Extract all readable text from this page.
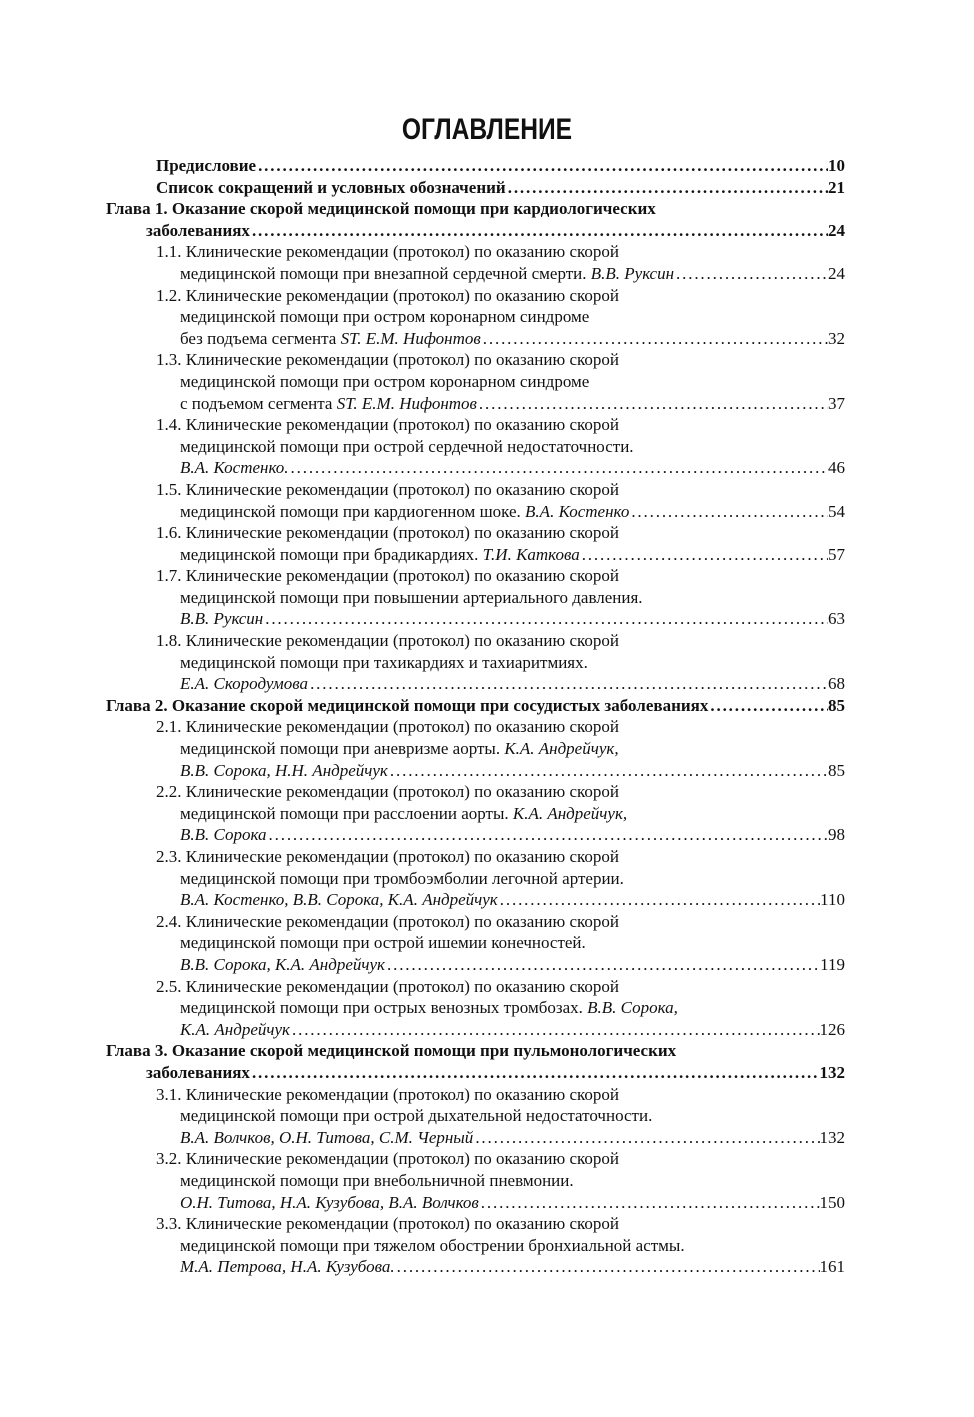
ОГЛАВЛЕНИЕ
Предисловие . . .	10
Список сокращений и условных обозначений . . .	21
Глава 1. Оказание скорой медицинской помощи при кардиологических
заболеваниях . . .	24
1.1. Клинические рекомендации (протокол) по оказанию скорой
медицинской помощи при внезапной сердечной смерти. В.В. Руксин . . .	24
1.2. Клинические рекомендации (протокол) по оказанию скорой
медицинской помощи при остром коронарном синдроме
без подъема сегмента ST. Е.М. Нифонтов . . .	32
1.3. Клинические рекомендации (протокол) по оказанию скорой
медицинской помощи при остром коронарном синдроме
с подъемом сегмента ST. Е.М. Нифонтов . . .	37
1.4. Клинические рекомендации (протокол) по оказанию скорой
медицинской помощи при острой сердечной недостаточности.
В.А. Костенко. . . .	46
1.5. Клинические рекомендации (протокол) по оказанию скорой
медицинской помощи при кардиогенном шоке. В.А. Костенко . . .	54
1.6. Клинические рекомендации (протокол) по оказанию скорой
медицинской помощи при брадикардиях. Т.И. Каткова . . .	57
1.7. Клинические рекомендации (протокол) по оказанию скорой
медицинской помощи при повышении артериального давления.
В.В. Руксин . . .	63
1.8. Клинические рекомендации (протокол) по оказанию скорой
медицинской помощи при тахикардиях и тахиаритмиях.
Е.А. Скородумова . . .	68
Глава 2. Оказание скорой медицинской помощи при сосудистых заболеваниях . . .	85
2.1. Клинические рекомендации (протокол) по оказанию скорой
медицинской помощи при аневризме аорты. К.А. Андрейчук,
В.В. Сорока, Н.Н. Андрейчук . . .	85
2.2. Клинические рекомендации (протокол) по оказанию скорой
медицинской помощи при расслоении аорты. К.А. Андрейчук,
В.В. Сорока . . .	98
2.3. Клинические рекомендации (протокол) по оказанию скорой
медицинской помощи при тромбоэмболии легочной артерии.
В.А. Костенко, В.В. Сорока, К.А. Андрейчук . . .	110
2.4. Клинические рекомендации (протокол) по оказанию скорой
медицинской помощи при острой ишемии конечностей.
В.В. Сорока, К.А. Андрейчук . . .	119
2.5. Клинические рекомендации (протокол) по оказанию скорой
медицинской помощи при острых венозных тромбозах. В.В. Сорока,
К.А. Андрейчук . . .	126
Глава 3. Оказание скорой медицинской помощи при пульмонологических
заболеваниях . . .	132
3.1. Клинические рекомендации (протокол) по оказанию скорой
медицинской помощи при острой дыхательной недостаточности.
В.А. Волчков, О.Н. Титова, С.М. Черный . . .	132
3.2. Клинические рекомендации (протокол) по оказанию скорой
медицинской помощи при внебольничной пневмонии.
О.Н. Титова, Н.А. Кузубова, В.А. Волчков . . .	150
3.3. Клинические рекомендации (протокол) по оказанию скорой
медицинской помощи при тяжелом обострении бронхиальной астмы.
М.А. Петрова, Н.А. Кузубова. . . .	161
